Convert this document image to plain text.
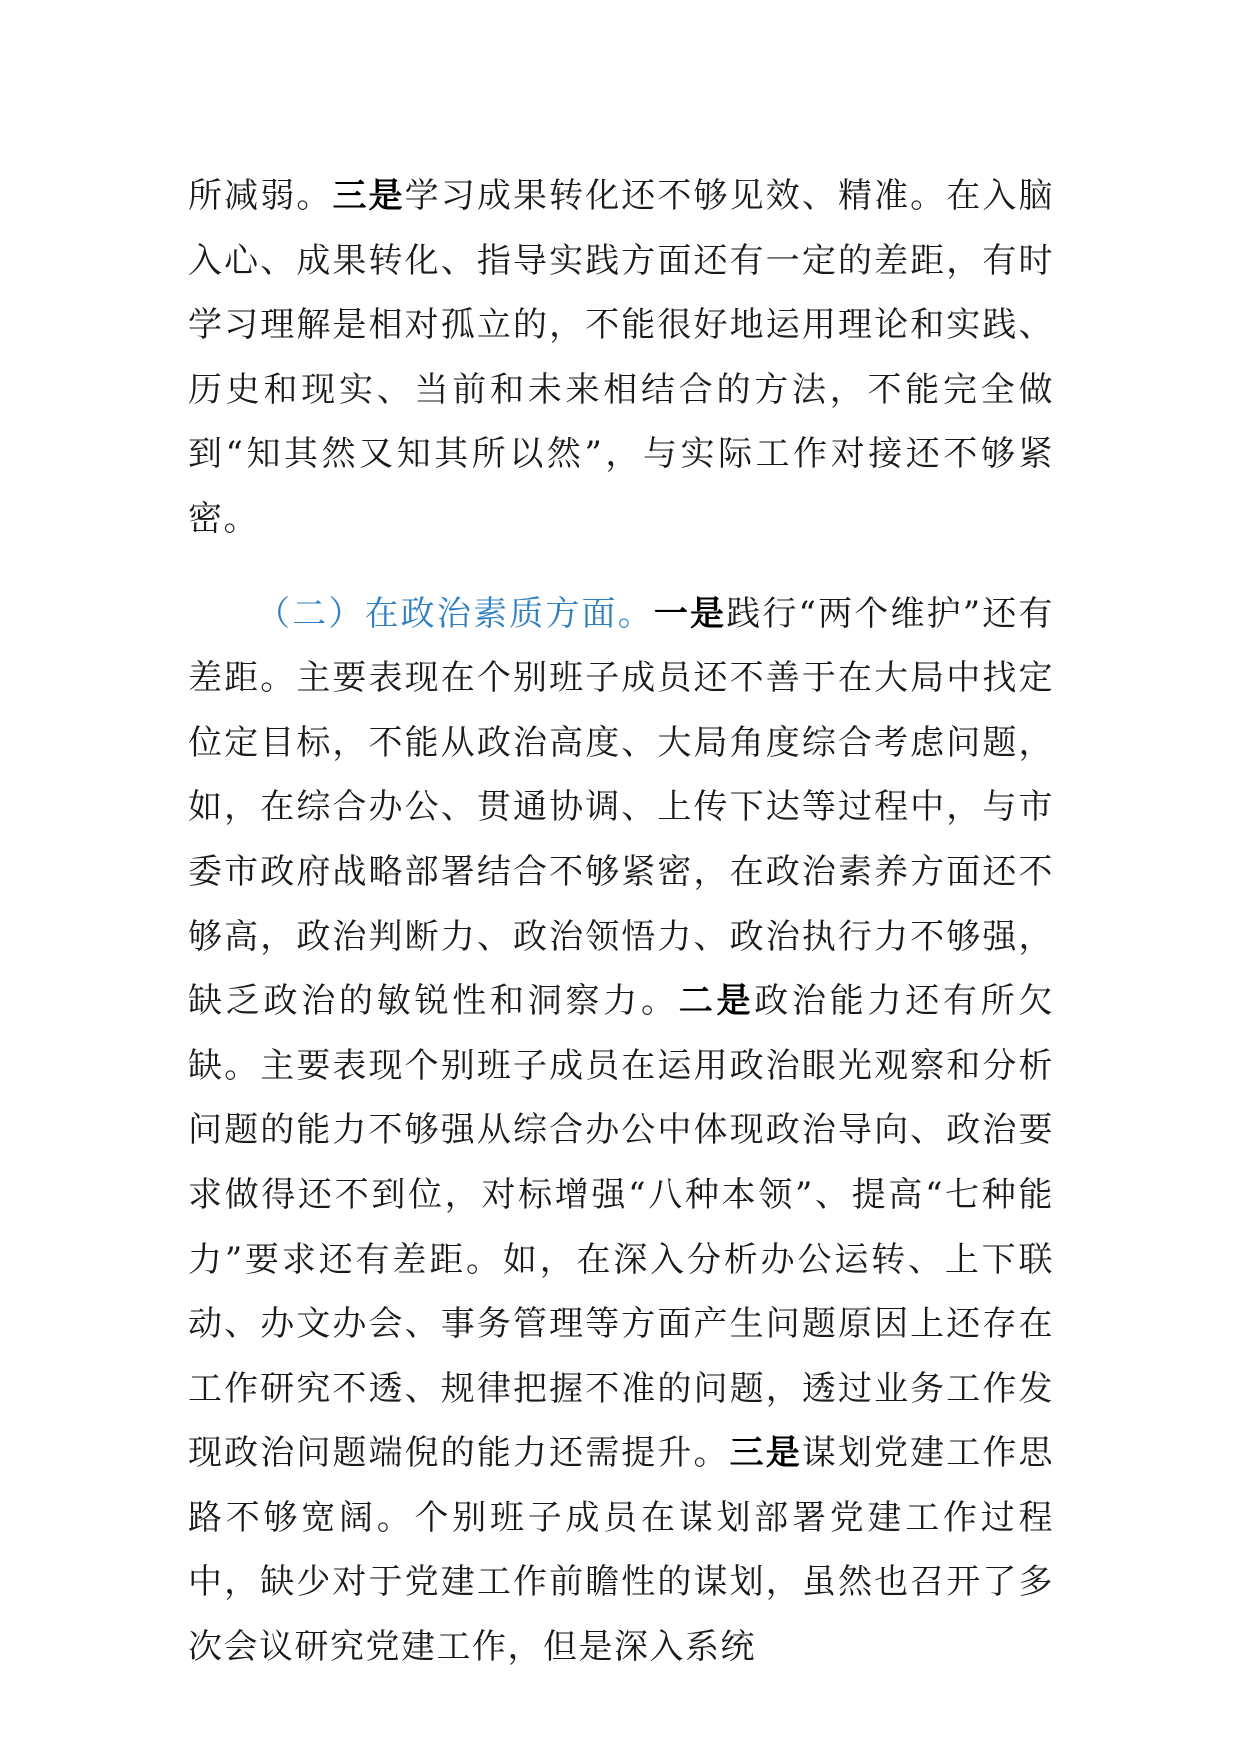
所减弱。三是学习成果转化还不够见效、精准。在入脑入心、成果转化、指导实践方面还有一定的差距，有时学习理解是相对孤立的，不能很好地运用理论和实践、历史和现实、当前和未来相结合的方法，不能完全做到“知其然又知其所以然”，与实际工作对接还不够紧密。

（二）在政治素质方面。一是践行“两个维护”还有差距。主要表现在个别班子成员还不善于在大局中找定位定目标，不能从政治高度、大局角度综合考虑问题，如，在综合办公、贯通协调、上传下达等过程中，与市委市政府战略部署结合不够紧密，在政治素养方面还不够高，政治判断力、政治领悟力、政治执行力不够强，缺乏政治的敏锐性和洞察力。二是政治能力还有所欠缺。主要表现个别班子成员在运用政治眼光观察和分析问题的能力不够强从综合办公中体现政治导向、政治要求做得还不到位，对标增强“八种本领”、提高“七种能力”要求还有差距。如，在深入分析办公运转、上下联动、办文办会、事务管理等方面产生问题原因上还存在工作研究不透、规律把握不准的问题，透过业务工作发现政治问题端倪的能力还需提升。三是谋划党建工作思路不够宽阔。个别班子成员在谋划部署党建工作过程中，缺少对于党建工作前瞻性的谋划，虽然也召开了多次会议研究党建工作，但是深入系统
